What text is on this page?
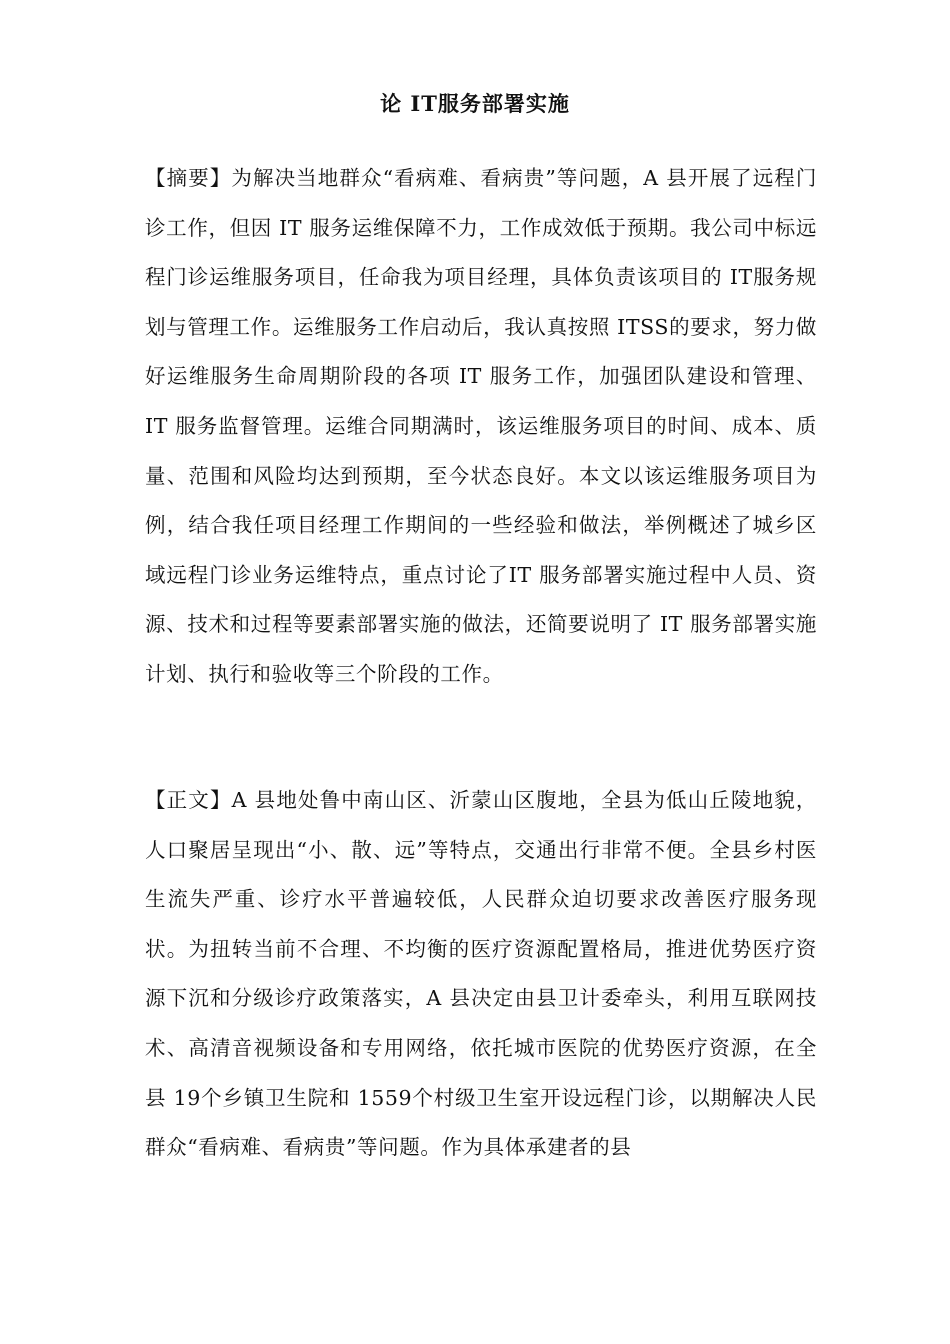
论 IT服务部署实施

【摘要】为解决当地群众“看病难、看病贵”等问题，A 县开展了远程门诊工作，但因 IT 服务运维保障不力，工作成效低于预期。我公司中标远程门诊运维服务项目，任命我为项目经理，具体负责该项目的 IT服务规划与管理工作。运维服务工作启动后，我认真按照 ITSS的要求，努力做好运维服务生命周期阶段的各项 IT 服务工作，加强团队建设和管理、IT 服务监督管理。运维合同期满时，该运维服务项目的时间、成本、质量、范围和风险均达到预期，至今状态良好。本文以该运维服务项目为例，结合我任项目经理工作期间的一些经验和做法，举例概述了城乡区域远程门诊业务运维特点，重点讨论了IT 服务部署实施过程中人员、资源、技术和过程等要素部署实施的做法，还简要说明了 IT 服务部署实施计划、执行和验收等三个阶段的工作。

【正文】A 县地处鲁中南山区、沂蒙山区腹地，全县为低山丘陵地貌，人口聚居呈现出“小、散、远”等特点，交通出行非常不便。全县乡村医生流失严重、诊疗水平普遍较低，人民群众迫切要求改善医疗服务现状。为扭转当前不合理、不均衡的医疗资源配置格局，推进优势医疗资源下沉和分级诊疗政策落实，A 县决定由县卫计委牵头，利用互联网技术、高清音视频设备和专用网络，依托城市医院的优势医疗资源，在全县 19个乡镇卫生院和 1559个村级卫生室开设远程门诊，以期解决人民群众“看病难、看病贵”等问题。作为具体承建者的县
